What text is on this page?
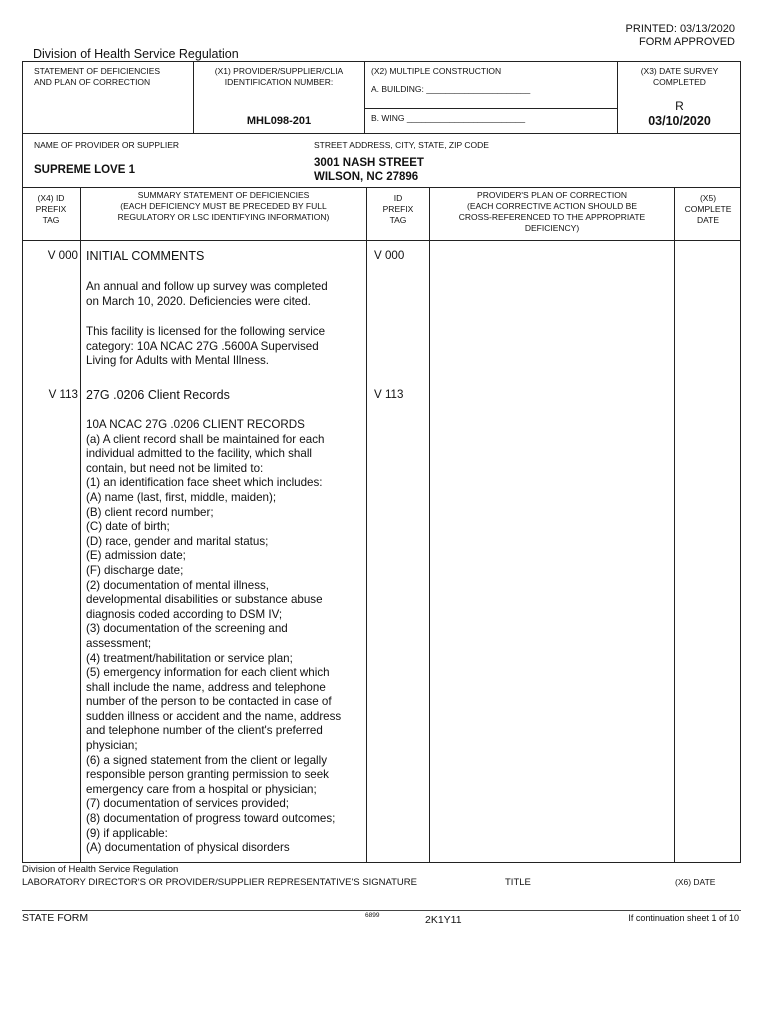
PRINTED: 03/13/2020
FORM APPROVED
Division of Health Service Regulation
STATEMENT OF DEFICIENCIES
AND PLAN OF CORRECTION
(X1) PROVIDER/SUPPLIER/CLIA
IDENTIFICATION NUMBER:
MHL098-201
(X2) MULTIPLE CONSTRUCTION
A. BUILDING: ______________________
B. WING _________________________
(X3) DATE SURVEY
COMPLETED
R
03/10/2020
NAME OF PROVIDER OR SUPPLIER
SUPREME LOVE 1
STREET ADDRESS, CITY, STATE, ZIP CODE
3001 NASH STREET
WILSON, NC 27896
(X4) ID
PREFIX
TAG
SUMMARY STATEMENT OF DEFICIENCIES
(EACH DEFICIENCY MUST BE PRECEDED BY FULL
REGULATORY OR LSC IDENTIFYING INFORMATION)
ID
PREFIX
TAG
PROVIDER'S PLAN OF CORRECTION
(EACH CORRECTIVE ACTION SHOULD BE
CROSS-REFERENCED TO THE APPROPRIATE
DEFICIENCY)
(X5)
COMPLETE
DATE
V 000 INITIAL COMMENTS	V 000
An annual and follow up survey was completed
on March 10, 2020. Deficiencies were cited.
This facility is licensed for the following service
category: 10A NCAC 27G .5600A Supervised
Living for Adults with Mental Illness.
V 113 27G .0206 Client Records	V 113
10A NCAC 27G .0206 CLIENT RECORDS
(a) A client record shall be maintained for each
individual admitted to the facility, which shall
contain, but need not be limited to:
(1) an identification face sheet which includes:
(A) name (last, first, middle, maiden);
(B) client record number;
(C) date of birth;
(D) race, gender and marital status;
(E) admission date;
(F) discharge date;
(2) documentation of mental illness,
developmental disabilities or substance abuse
diagnosis coded according to DSM IV;
(3) documentation of the screening and
assessment;
(4) treatment/habilitation or service plan;
(5) emergency information for each client which
shall include the name, address and telephone
number of the person to be contacted in case of
sudden illness or accident and the name, address
and telephone number of the client's preferred
physician;
(6) a signed statement from the client or legally
responsible person granting permission to seek
emergency care from a hospital or physician;
(7) documentation of services provided;
(8) documentation of progress toward outcomes;
(9) if applicable:
(A) documentation of physical disorders
Division of Health Service Regulation
LABORATORY DIRECTOR'S OR PROVIDER/SUPPLIER REPRESENTATIVE'S SIGNATURE	TITLE	(X6) DATE
STATE FORM	6899	2K1Y11	If continuation sheet 1 of 10
